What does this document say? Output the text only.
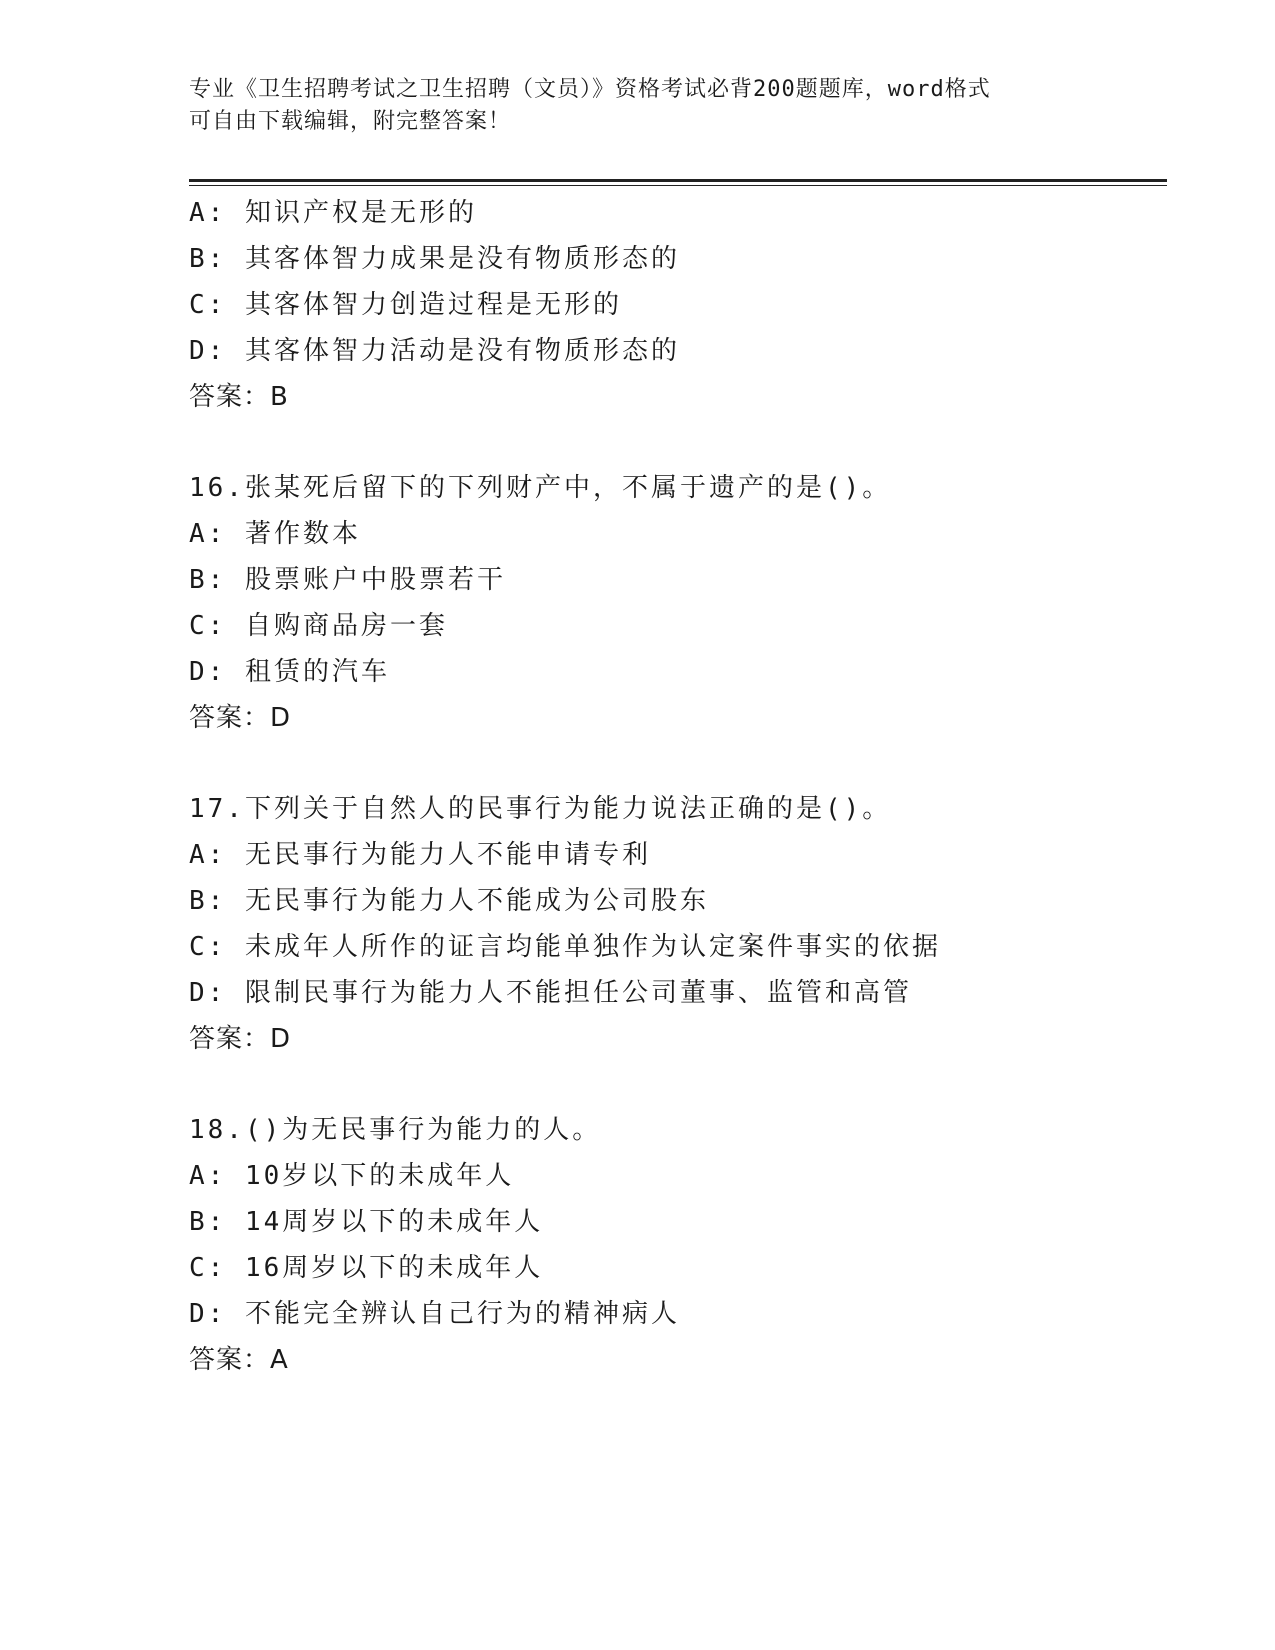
专业《卫生招聘考试之卫生招聘（文员）》资格考试必背200题题库，word格式
可自由下载编辑，附完整答案！
A: 知识产权是无形的
B: 其客体智力成果是没有物质形态的
C: 其客体智力创造过程是无形的
D: 其客体智力活动是没有物质形态的
答案：B
16.张某死后留下的下列财产中，不属于遗产的是()。
A: 著作数本
B: 股票账户中股票若干
C: 自购商品房一套
D: 租赁的汽车
答案：D
17.下列关于自然人的民事行为能力说法正确的是()。
A: 无民事行为能力人不能申请专利
B: 无民事行为能力人不能成为公司股东
C: 未成年人所作的证言均能单独作为认定案件事实的依据
D: 限制民事行为能力人不能担任公司董事、监管和高管
答案：D
18.()为无民事行为能力的人。
A: 10岁以下的未成年人
B: 14周岁以下的未成年人
C: 16周岁以下的未成年人
D: 不能完全辨认自己行为的精神病人
答案：A
